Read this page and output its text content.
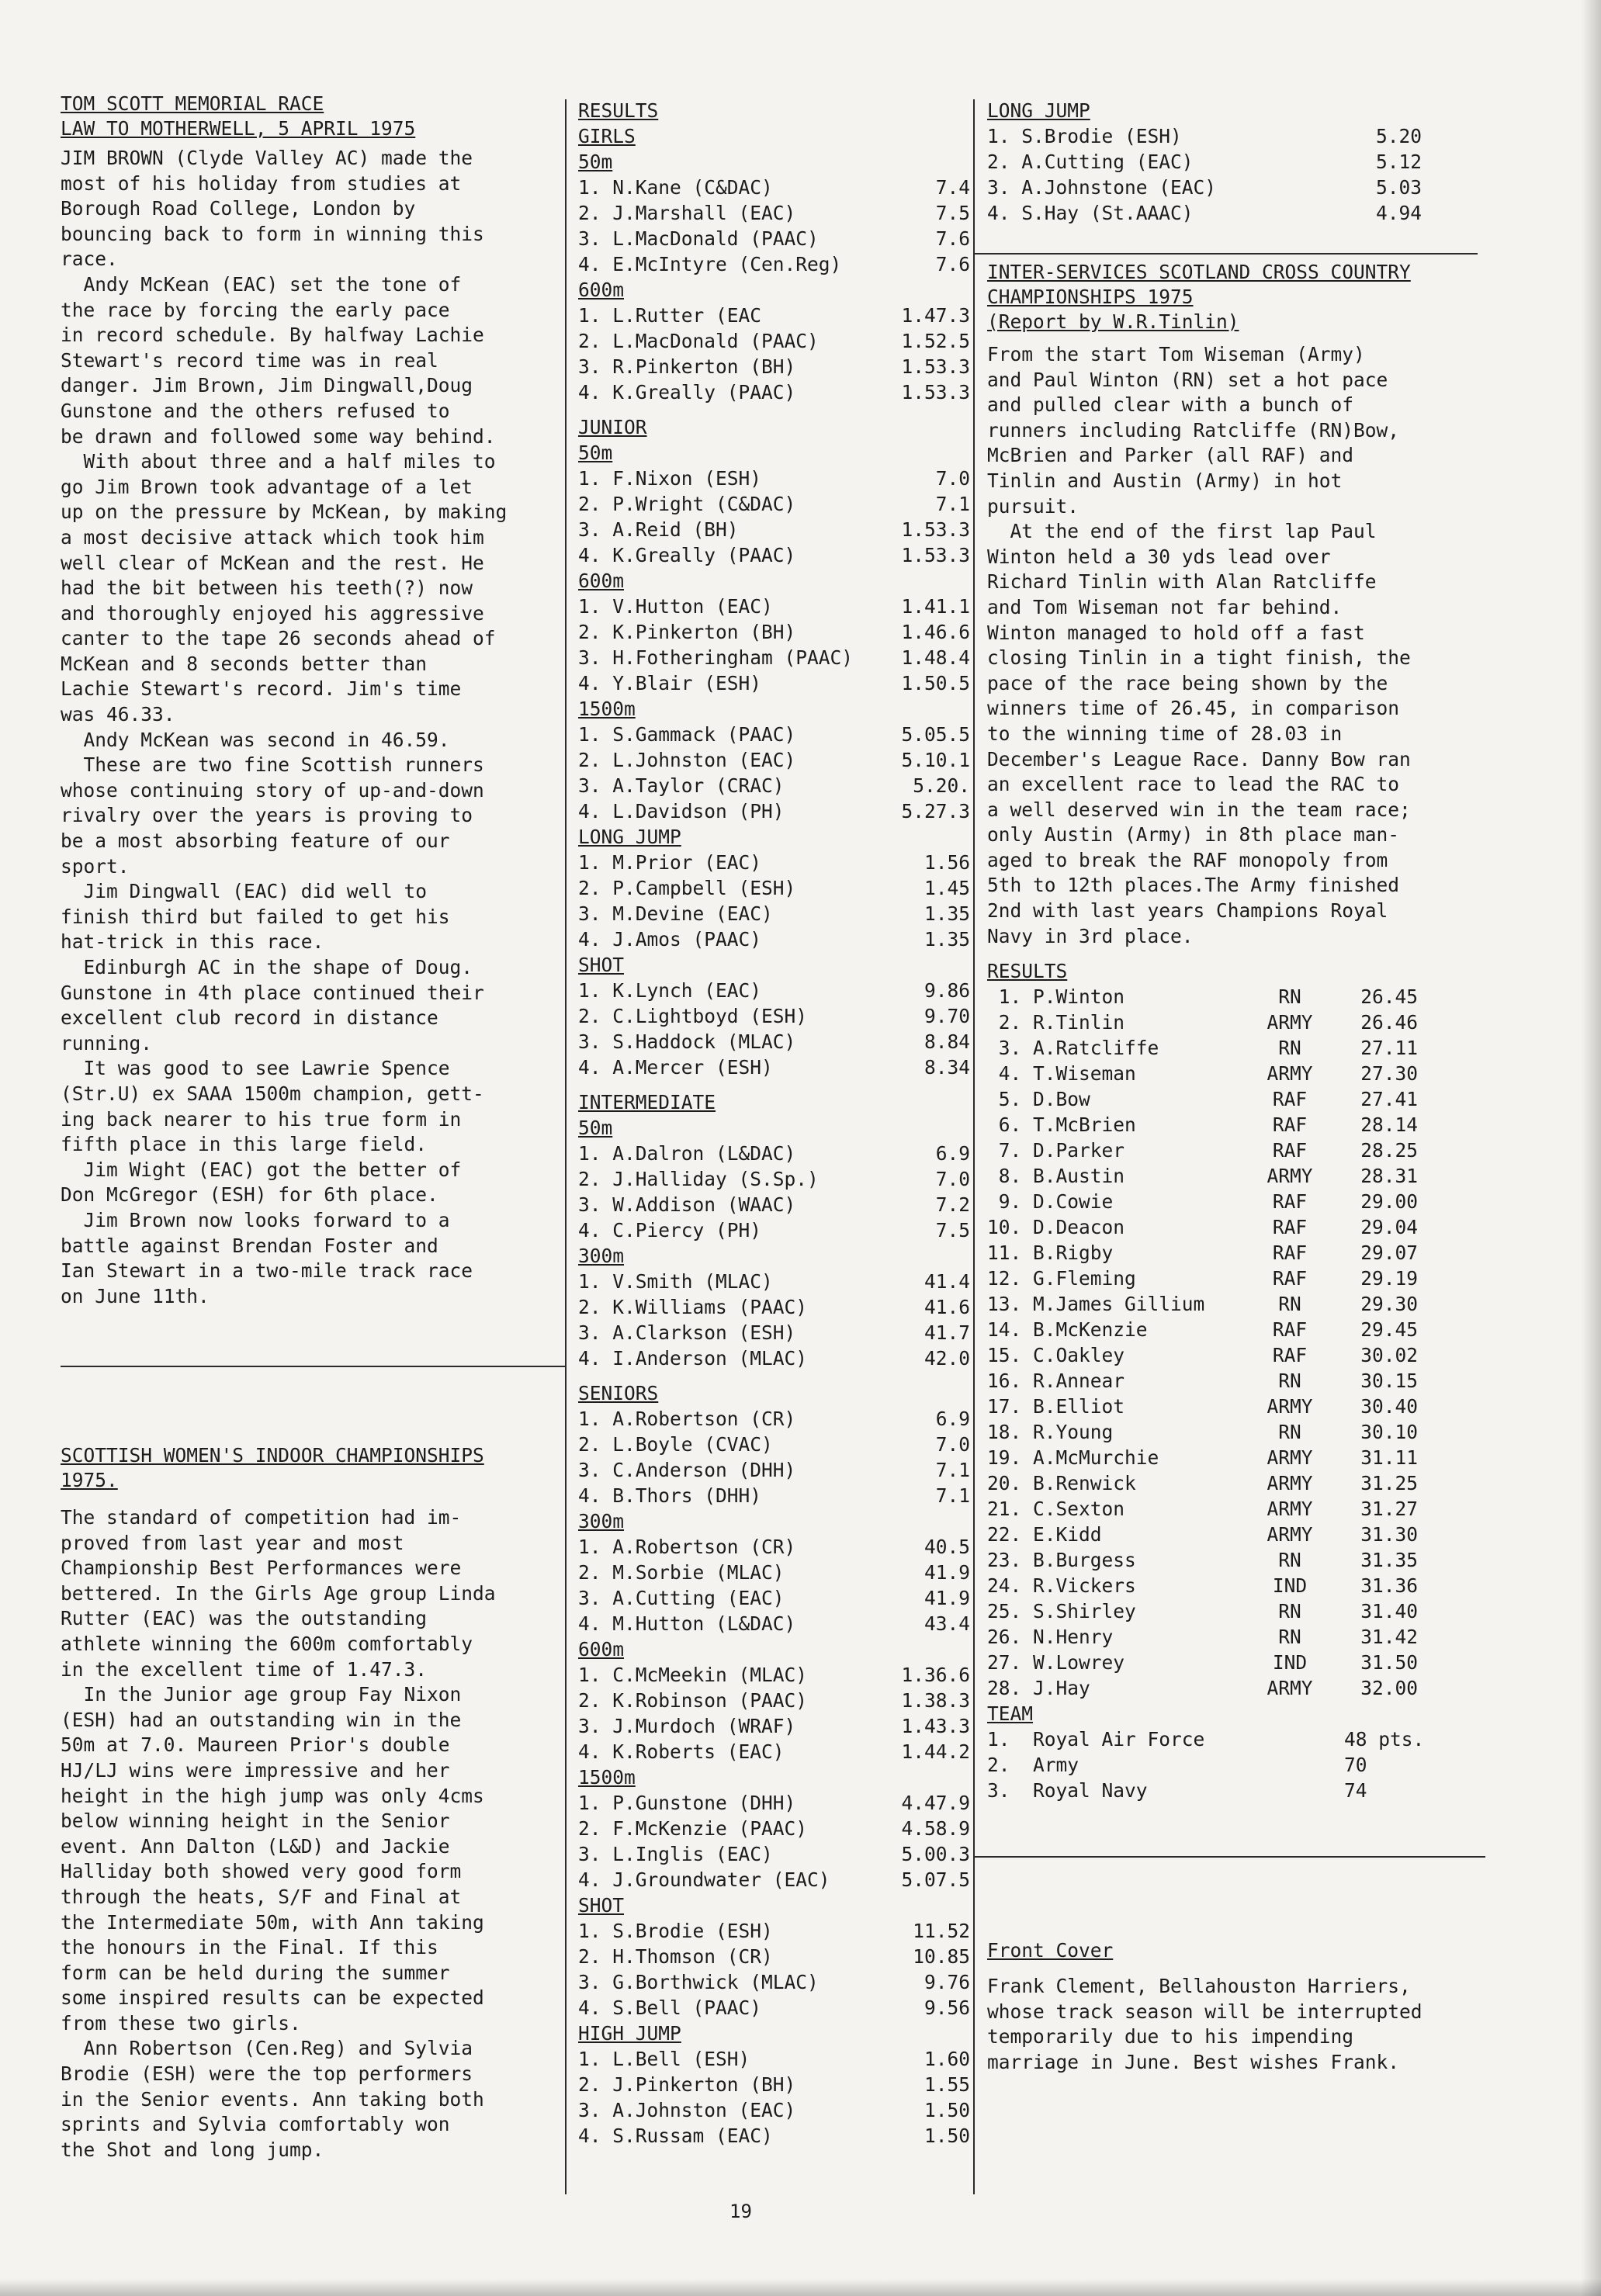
TOM SCOTT MEMORIAL RACE
LAW TO MOTHERWELL, 5 APRIL 1975
JIM BROWN (Clyde Valley AC) made the
most of his holiday from studies at
Borough Road College, London by
bouncing back to form in winning this
race.
Andy McKean (EAC) set the tone of
the race by forcing the early pace
in record schedule. By halfway Lachie
Stewart's record time was in real
danger. Jim Brown, Jim Dingwall,Doug
Gunstone and the others refused to
be drawn and followed some way behind.
With about three and a half miles to
go Jim Brown took advantage of a let
up on the pressure by McKean, by making
a most decisive attack which took him
well clear of McKean and the rest. He
had the bit between his teeth(?) now
and thoroughly enjoyed his aggressive
canter to the tape 26 seconds ahead of
McKean and 8 seconds better than
Lachie Stewart's record. Jim's time
was 46.33.
Andy McKean was second in 46.59.
These are two fine Scottish runners
whose continuing story of up-and-down
rivalry over the years is proving to
be a most absorbing feature of our
sport.
Jim Dingwall (EAC) did well to
finish third but failed to get his
hat-trick in this race.
Edinburgh AC in the shape of Doug.
Gunstone in 4th place continued their
excellent club record in distance
running.
It was good to see Lawrie Spence
(Str.U) ex SAAA 1500m champion, gett-
ing back nearer to his true form in
fifth place in this large field.
Jim Wight (EAC) got the better of
Don McGregor (ESH) for 6th place.
Jim Brown now looks forward to a
battle against Brendan Foster and
Ian Stewart in a two-mile track race
on June 11th.
SCOTTISH WOMEN'S INDOOR CHAMPIONSHIPS
1975.
The standard of competition had im-
proved from last year and most
Championship Best Performances were
bettered. In the Girls Age group Linda
Rutter (EAC) was the outstanding
athlete winning the 600m comfortably
in the excellent time of 1.47.3.
In the Junior age group Fay Nixon
(ESH) had an outstanding win in the
50m at 7.0. Maureen Prior's double
HJ/LJ wins were impressive and her
height in the high jump was only 4cms
below winning height in the Senior
event. Ann Dalton (L&D) and Jackie
Halliday both showed very good form
through the heats, S/F and Final at
the Intermediate 50m, with Ann taking
the honours in the Final. If this
form can be held during the summer
some inspired results can be expected
from these two girls.
Ann Robertson (Cen.Reg) and Sylvia
Brodie (ESH) were the top performers
in the Senior events. Ann taking both
sprints and Sylvia comfortably won
the Shot and long jump.
RESULTS
GIRLS
50m
1. N.Kane (C&DAC)	7.4
2. J.Marshall (EAC)	7.5
3. L.MacDonald (PAAC)	7.6
4. E.McIntyre (Cen.Reg)	7.6
600m
1. L.Rutter (EAC	1.47.3
2. L.MacDonald (PAAC)	1.52.5
3. R.Pinkerton (BH)	1.53.3
4. K.Greally (PAAC)	1.53.3
JUNIOR
50m
1. F.Nixon (ESH)	7.0
2. P.Wright (C&DAC)	7.1
3. A.Reid (BH)	1.53.3
4. K.Greally (PAAC)	1.53.3
600m
1. V.Hutton (EAC)	1.41.1
2. K.Pinkerton (BH)	1.46.6
3. H.Fotheringham (PAAC)	1.48.4
4. Y.Blair (ESH)	1.50.5
1500m
1. S.Gammack (PAAC)	5.05.5
2. L.Johnston (EAC)	5.10.1
3. A.Taylor (CRAC)	5.20.
4. L.Davidson (PH)	5.27.3
LONG JUMP
1. M.Prior (EAC)	1.56
2. P.Campbell (ESH)	1.45
3. M.Devine (EAC)	1.35
4. J.Amos (PAAC)	1.35
SHOT
1. K.Lynch (EAC)	9.86
2. C.Lightboyd (ESH)	9.70
3. S.Haddock (MLAC)	8.84
4. A.Mercer (ESH)	8.34
INTERMEDIATE
50m
1. A.Dalron (L&DAC)	6.9
2. J.Halliday (S.Sp.)	7.0
3. W.Addison (WAAC)	7.2
4. C.Piercy (PH)	7.5
300m
1. V.Smith (MLAC)	41.4
2. K.Williams (PAAC)	41.6
3. A.Clarkson (ESH)	41.7
4. I.Anderson (MLAC)	42.0
SENIORS
1. A.Robertson (CR)	6.9
2. L.Boyle (CVAC)	7.0
3. C.Anderson (DHH)	7.1
4. B.Thors (DHH)	7.1
300m
1. A.Robertson (CR)	40.5
2. M.Sorbie (MLAC)	41.9
3. A.Cutting (EAC)	41.9
4. M.Hutton (L&DAC)	43.4
600m
1. C.McMeekin (MLAC)	1.36.6
2. K.Robinson (PAAC)	1.38.3
3. J.Murdoch (WRAF)	1.43.3
4. K.Roberts (EAC)	1.44.2
1500m
1. P.Gunstone (DHH)	4.47.9
2. F.McKenzie (PAAC)	4.58.9
3. L.Inglis (EAC)	5.00.3
4. J.Groundwater (EAC)	5.07.5
SHOT
1. S.Brodie (ESH)	11.52
2. H.Thomson (CR)	10.85
3. G.Borthwick (MLAC)	9.76
4. S.Bell (PAAC)	9.56
HIGH JUMP
1. L.Bell (ESH)	1.60
2. J.Pinkerton (BH)	1.55
3. A.Johnston (EAC)	1.50
4. S.Russam (EAC)	1.50
LONG JUMP
1. S.Brodie (ESH)	5.20
2. A.Cutting (EAC)	5.12
3. A.Johnstone (EAC)	5.03
4. S.Hay (St.AAAC)	4.94
INTER-SERVICES SCOTLAND CROSS COUNTRY
CHAMPIONSHIPS 1975
(Report by W.R.Tinlin)
From the start Tom Wiseman (Army)
and Paul Winton (RN) set a hot pace
and pulled clear with a bunch of
runners including Ratcliffe (RN)Bow,
McBrien and Parker (all RAF) and
Tinlin and Austin (Army) in hot
pursuit.
At the end of the first lap Paul
Winton held a 30 yds lead over
Richard Tinlin with Alan Ratcliffe
and Tom Wiseman not far behind.
Winton managed to hold off a fast
closing Tinlin in a tight finish, the
pace of the race being shown by the
winners time of 26.45, in comparison
to the winning time of 28.03 in
December's League Race. Danny Bow ran
an excellent race to lead the RAC to
a well deserved win in the team race;
only Austin (Army) in 8th place man-
aged to break the RAF monopoly from
5th to 12th places.The Army finished
2nd with last years Champions Royal
Navy in 3rd place.
RESULTS
1. P.Winton	RN	26.45
2. R.Tinlin	ARMY	26.46
3. A.Ratcliffe	RN	27.11
4. T.Wiseman	ARMY	27.30
5. D.Bow	RAF	27.41
6. T.McBrien	RAF	28.14
7. D.Parker	RAF	28.25
8. B.Austin	ARMY	28.31
9. D.Cowie	RAF	29.00
10. D.Deacon	RAF	29.04
11. B.Rigby	RAF	29.07
12. G.Fleming	RAF	29.19
13. M.James Gillium	RN	29.30
14. B.McKenzie	RAF	29.45
15. C.Oakley	RAF	30.02
16. R.Annear	RN	30.15
17. B.Elliot	ARMY	30.40
18. R.Young	RN	30.10
19. A.McMurchie	ARMY	31.11
20. B.Renwick	ARMY	31.25
21. C.Sexton	ARMY	31.27
22. E.Kidd	ARMY	31.30
23. B.Burgess	RN	31.35
24. R.Vickers	IND	31.36
25. S.Shirley	RN	31.40
26. N.Henry	RN	31.42
27. W.Lowrey	IND	31.50
28. J.Hay	ARMY	32.00
TEAM
1.  Royal Air Force	48 pts.
2.  Army	70
3.  Royal Navy	74
Front Cover
Frank Clement, Bellahouston Harriers,
whose track season will be interrupted
temporarily due to his impending
marriage in June. Best wishes Frank.
19
